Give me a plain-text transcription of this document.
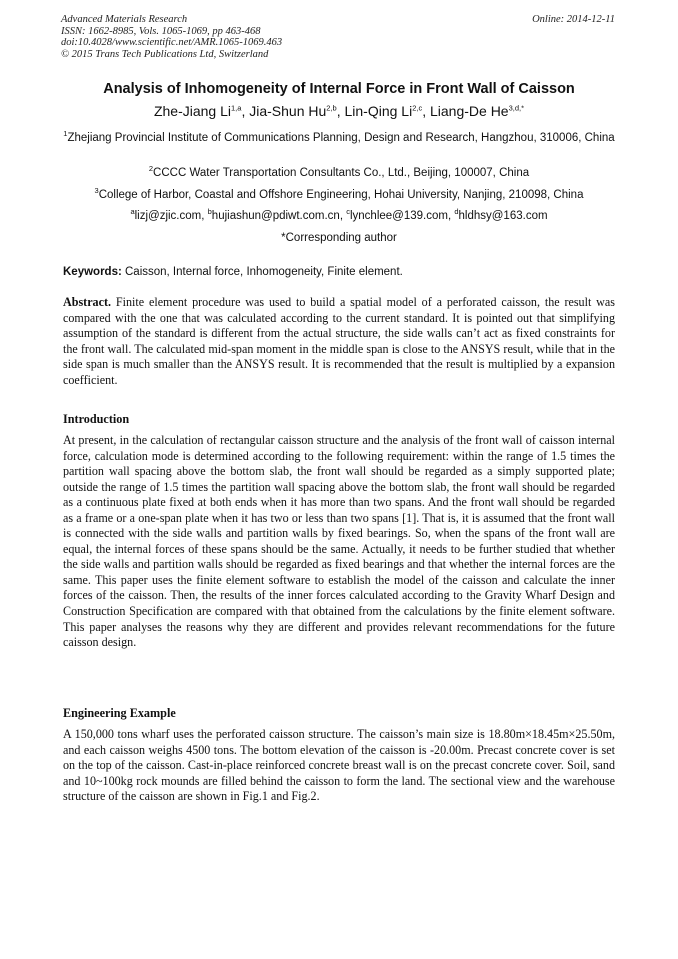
Advanced Materials Research
ISSN: 1662-8985, Vols. 1065-1069, pp 463-468
doi:10.4028/www.scientific.net/AMR.1065-1069.463
© 2015 Trans Tech Publications Ltd, Switzerland
Online: 2014-12-11
Analysis of Inhomogeneity of Internal Force in Front Wall of Caisson
Zhe-Jiang Li$^{1,a}$, Jia-Shun Hu$^{2,b}$, Lin-Qing Li$^{2,c}$, Liang-De $He^{3,d,*}$
$^1$Zhejiang Provincial Institute of Communications Planning, Design and Research, Hangzhou, 310006, China
$^2$CCCC Water Transportation Consultants Co., Ltd., Beijing, 100007, China
$^3$College of Harbor, Coastal and Offshore Engineering, Hohai University, Nanjing, 210098, China
$^a$lizj@zjic.com, $^b$hujiashun@pdiwt.com.cn, $^c$lynchlee@139.com, $^d$hldhsy@163.com
*Corresponding author
Keywords: Caisson, Internal force, Inhomogeneity, Finite element.
Abstract. Finite element procedure was used to build a spatial model of a perforated caisson, the result was compared with the one that was calculated according to the current standard. It is pointed out that simplifying assumption of the standard is different from the actual structure, the side walls can’t act as fixed constraints for the front wall. The calculated mid-span moment in the middle span is close to the ANSYS result, while that in the side span is much smaller than the ANSYS result. It is recommended that the result is multiplied by a expansion coefficient.
Introduction
At present, in the calculation of rectangular caisson structure and the analysis of the front wall of caisson internal force, calculation mode is determined according to the following requirement: within the range of 1.5 times the partition wall spacing above the bottom slab, the front wall should be regarded as a simply supported plate; outside the range of 1.5 times the partition wall spacing above the bottom slab, the front wall should be regarded as a continuous plate fixed at both ends when it has more than two spans. And the front wall should be regarded as a frame or a one-span plate when it has two or less than two spans [1]. That is, it is assumed that the front wall is connected with the side walls and partition walls by fixed bearings. So, when the spans of the front wall are equal, the internal forces of these spans should be the same. Actually, it needs to be further studied that whether the side walls and partition walls should be regarded as fixed bearings and that whether the internal forces are the same. This paper uses the finite element software to establish the model of the caisson and calculate the inner forces of the caisson. Then, the results of the inner forces calculated according to the Gravity Wharf Design and Construction Specification are compared with that obtained from the calculations by the finite element software. This paper analyses the reasons why they are different and provides relevant recommendations for the future caisson design.
Engineering Example
A 150,000 tons wharf uses the perforated caisson structure. The caisson’s main size is 18.80m×18.45m×25.50m, and each caisson weighs 4500 tons. The bottom elevation of the caisson is -20.00m. Precast concrete cover is set on the top of the caisson. Cast-in-place reinforced concrete breast wall is on the precast concrete cover. Soil, sand and 10~100kg rock mounds are filled behind the caisson to form the land. The sectional view and the warehouse structure of the caisson are shown in Fig.1 and Fig.2.
